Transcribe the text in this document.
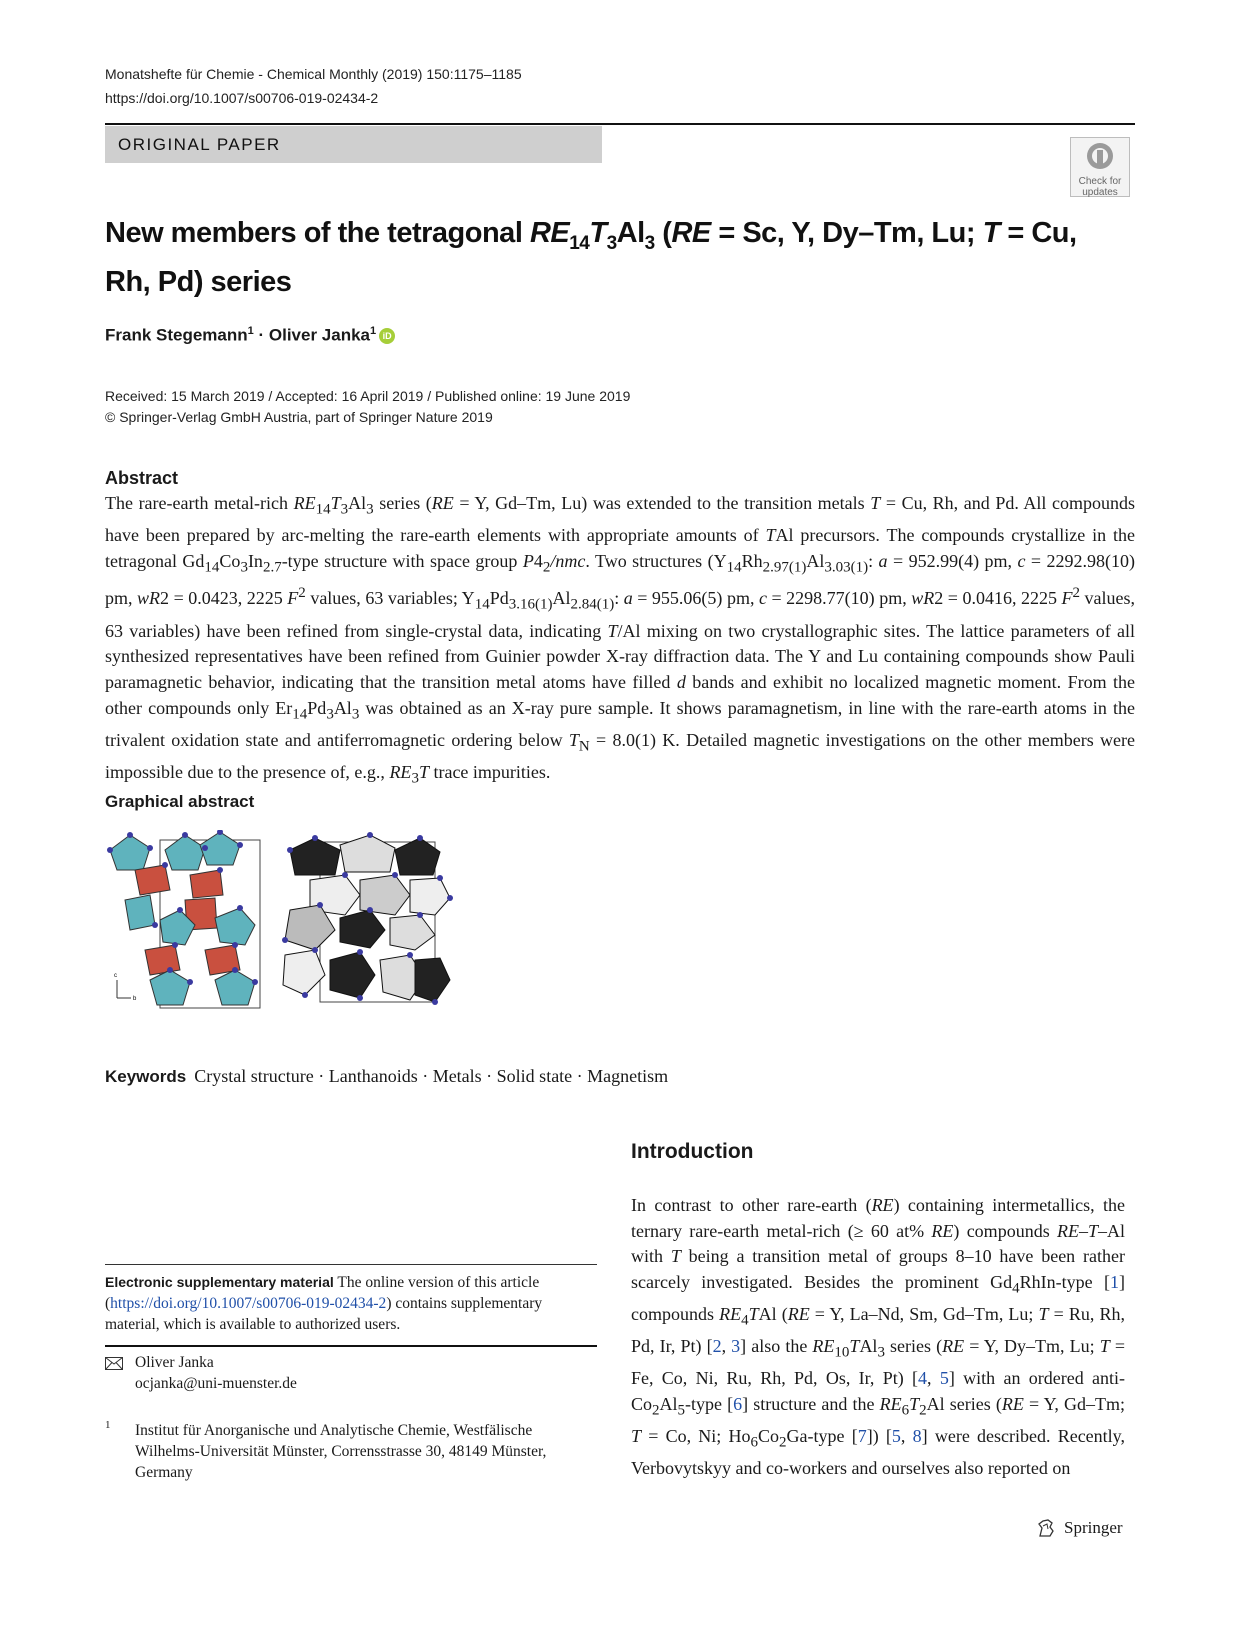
Monatshefte für Chemie - Chemical Monthly (2019) 150:1175–1185
https://doi.org/10.1007/s00706-019-02434-2
ORIGINAL PAPER
Check for
updates
New members of the tetragonal $RE_{14}T_3Al_3$ (RE = Sc, Y, Dy–Tm, Lu; T = Cu,
Rh, Pd) series
Frank Stegemann$^1$ · Oliver Janka$^1$ iD
Received: 15 March 2019 / Accepted: 16 April 2019 / Published online: 19 June 2019
© Springer-Verlag GmbH Austria, part of Springer Nature 2019
Abstract
The rare-earth metal-rich $RE_{14}T_3Al_3$ series (RE = Y, Gd–Tm, Lu) was extended to the transition metals T = Cu, Rh, and Pd. All compounds have been prepared by arc-melting the rare-earth elements with appropriate amounts of TAl precursors. The compounds crystallize in the tetragonal $Gd_{14}Co_3In_{2.7}$-type structure with space group $P4_2$/nmc. Two structures ($Y_{14}Rh_{2.97(1)}Al_{3.03(1)}$: a = 952.99(4) pm, c = 2292.98(10) pm, wR2 = 0.0423, 2225 $F^2$ values, 63 variables; $Y_{14}Pd_{3.16(1)}Al_{2.84(1)}$: a = 955.06(5) pm, c = 2298.77(10) pm, wR2 = 0.0416, 2225 $F^2$ values, 63 variables) have been refined from single-crystal data, indicating T/Al mixing on two crystallographic sites. The lattice parameters of all synthesized representatives have been refined from Guinier powder X-ray diffraction data. The Y and Lu containing compounds show Pauli paramagnetic behavior, indicating that the transition metal atoms have filled d bands and exhibit no localized magnetic moment. From the other compounds only $Er_{14}Pd_3Al_3$ was obtained as an X-ray pure sample. It shows paramagnetism, in line with the rare-earth atoms in the trivalent oxidation state and antiferromagnetic ordering below $T_N = 8.0(1)$ K. Detailed magnetic investigations on the other members were impossible due to the presence of, e.g., $RE_3T$ trace impurities.
Graphical abstract
c
b
Keywords Crystal structure · Lanthanoids · Metals · Solid state · Magnetism
Introduction
In contrast to other rare-earth (RE) containing intermetallics, the ternary rare-earth metal-rich (≥ 60 at% RE) compounds RE–T–Al with T being a transition metal of groups 8–10 have been rather scarcely investigated. Besides the prominent $Gd_4RhIn$-type [1] compounds $RE_4TAl$ (RE = Y, La–Nd, Sm, Gd–Tm, Lu; T = Ru, Rh, Pd, Ir, Pt) [2, 3] also the $RE_{10}TAl_3$ series (RE = Y, Dy–Tm, Lu; T = Fe, Co, Ni, Ru, Rh, Pd, Os, Ir, Pt) [4, 5] with an ordered anti-$Co_2Al_5$-type [6] structure and the $RE_6T_2Al$ series (RE = Y, Gd–Tm; T = Co, Ni; $Ho_6Co_2Ga$-type [7]) [5, 8] were described. Recently, Verbovytskyy and co-workers and ourselves also reported on
Electronic supplementary material The online version of this article (https://doi.org/10.1007/s00706-019-02434-2) contains supplementary material, which is available to authorized users.
Oliver Janka
ocjanka@uni-muenster.de
1 Institut für Anorganische und Analytische Chemie, Westfälische Wilhelms-Universität Münster, Corrensstrasse 30, 48149 Münster, Germany
Springer
